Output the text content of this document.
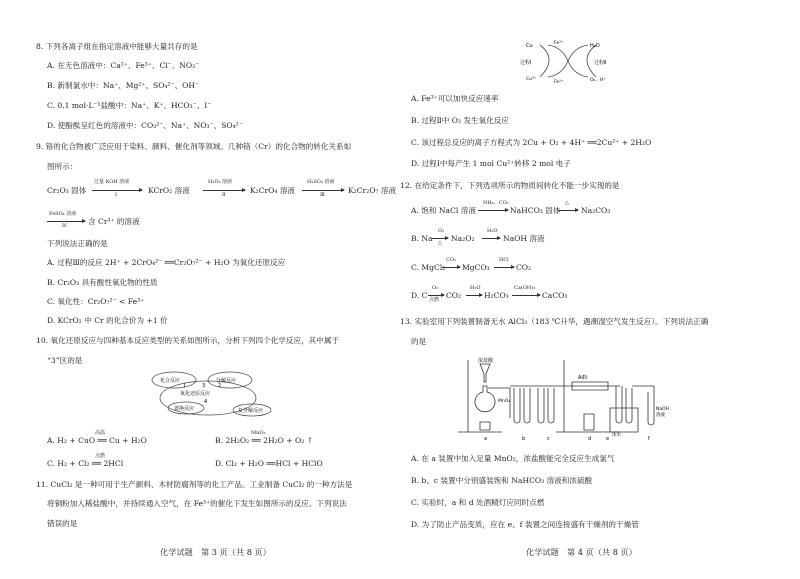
8. 下列各离子组在指定溶液中能够大量共存的是
A. 在无色溶液中：Ca²⁺、Fe³⁺、Cl⁻、NO₃⁻
B. 新制氯水中：Na⁺、Mg²⁺、SO₄²⁻、OH⁻
C. 0.1 mol·L⁻¹盐酸中：Na⁺、K⁺、HCO₃⁻、I⁻
D. 使酚酞呈红色的溶液中：CO₃²⁻、Na⁺、NO₃⁻、SO₄²⁻
9. 铬的化合物被广泛应用于染料、颜料、催化剂等领域。几种铬（Cr）的化合物的转化关系如
图所示：
Cr₂O₃ 固体
过量 KOH 溶液
Ⅰ	KCrO₂ 溶液
H₂O₂ 溶液
Ⅱ	K₂CrO₄ 溶液
H₂SO₄ 溶液
Ⅲ	K₂Cr₂O₇ 溶液
FeSO₄ 溶液
Ⅳ	含 Cr³⁺ 的溶液
下列说法正确的是
A. 过程Ⅲ的反应 2H⁺ + 2CrO₄²⁻ ══Cr₂O₇²⁻ + H₂O 为氧化还原反应
B. Cr₂O₃ 具有酸性氧化物的性质
C. 氧化性：Cr₂O₇²⁻ < Fe³⁺
D. KCrO₂ 中 Cr 的化合价为 +1 价
10. 氧化还原反应与四种基本反应类型的关系如图所示，分析下列四个化学反应，其中属于
“3”区的是
化合反应	分解反应
氧化还原反应
置换反应	复分解反应
1	3	2
4
高温
A. H₂ + CuO ══ Cu + H₂O
MnO₂
B. 2H₂O₂ ══ 2H₂O + O₂ ↑
点燃
C. H₂ + Cl₂ ══ 2HCl	D. Cl₂ + H₂O ══HCl + HClO
11. CuCl₂ 是一种可用于生产颜料、木材防腐剂等的化工产品。工业制备 CuCl₂ 的一种方法是
将铜粉加入稀盐酸中，并持续通入空气，在 Fe³⁺的催化下发生如图所示的反应。下列说法
错误的是
化学试题　第 3 页（共 8 页）
Cu	Fe³⁺
Cu²⁺
Fe²⁺
H₂O
O₂、H⁺
过程Ⅰ	过程Ⅱ
A. Fe³⁺可以加快反应速率
B. 过程Ⅱ中 O₂ 发生氧化反应
C. 该过程总反应的离子方程式为 2Cu + O₂ + 4H⁺ ══2Cu²⁺ + 2H₂O
D. 过程Ⅰ中每产生 1 mol Cu²⁺转移 2 mol 电子
12. 在给定条件下，下列选项所示的物质间转化不能一步实现的是
A. 饱和 NaCl 溶液
NH₃、CO₂
NaHCO₃ 固体
△
Na₂CO₃
B. Na
O₂
△ Na₂O₂
H₂O
NaOH 溶液
C. MgCl₂
CO₂
MgCO₃
HCl
CO₂
D. C
O₂
点燃 CO₂
H₂O
H₂CO₃
Ca(OH)₂
CaCO₃
13. 实验室用下列装置制备无水 AlCl₃（183 ℃升华，遇潮湿空气发生反应）。下列说法正确
的是
浓盐酸
MnO₂
Al粉
冰水
NaOH
溶液
a	b	c	d	e	f
A. 在 a 装置中加入足量 MnO₂，浓盐酸能完全反应生成氯气
B. b、c 装置中分别盛装饱和 NaHCO₃ 溶液和浓硫酸
C. 实验时，a 和 d 处酒精灯应同时点燃
D. 为了防止产品变质，应在 e、f 装置之间连接盛有干燥剂的干燥管
化学试题　第 4 页（共 8 页）
